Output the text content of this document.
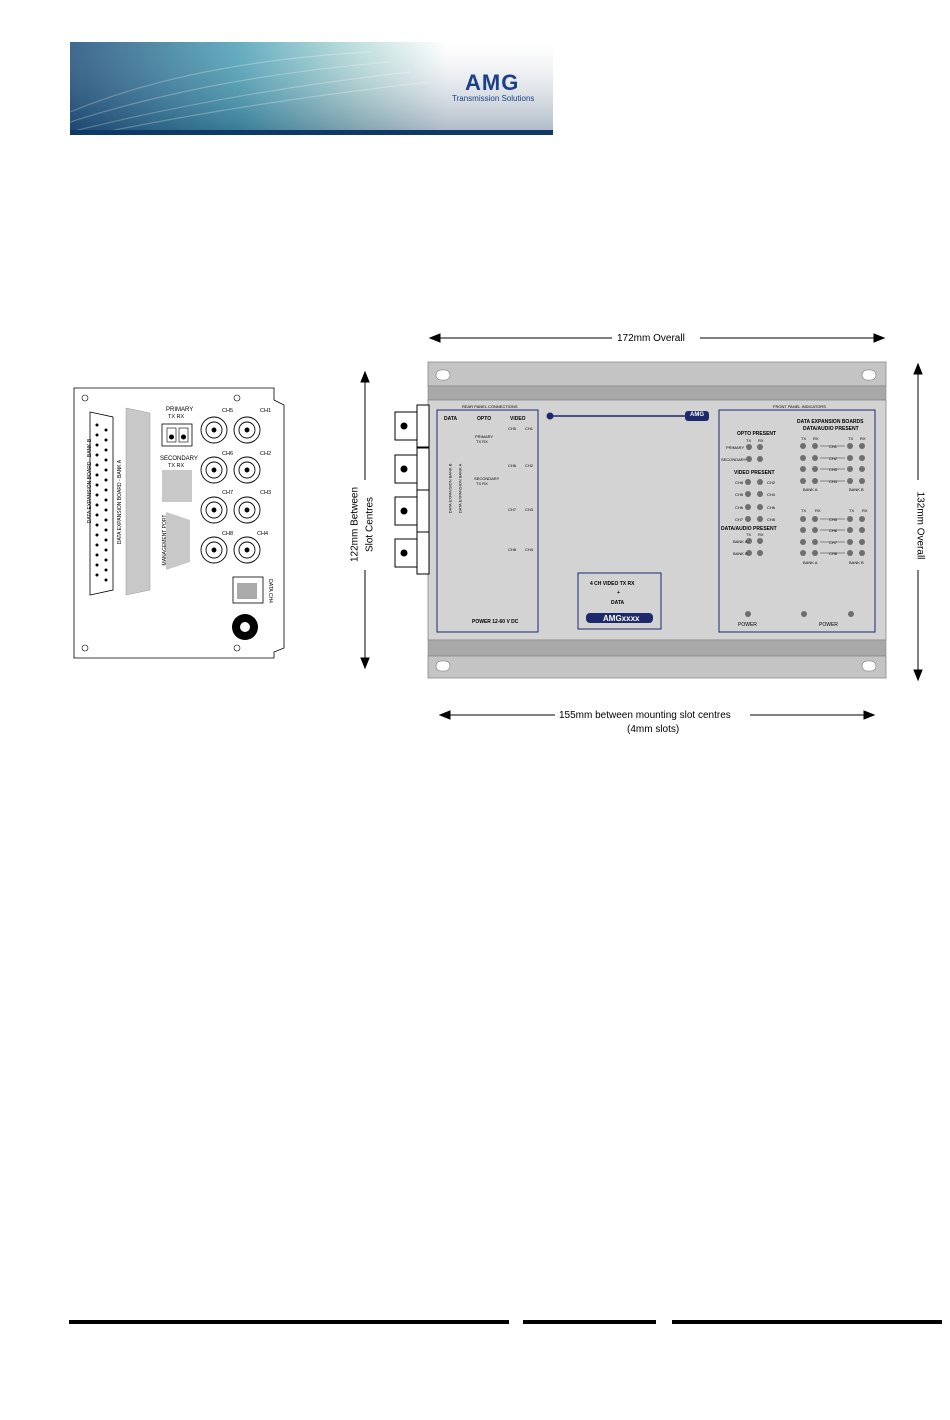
AMG
Transmission Solutions
DATA EXPANSION BOARD - BANK B	DATA EXPANSION BOARD - BANK A
PRIMARY
TX RX
SECONDARY
TX RX
MANAGEMENT PORT
DATA CH4
CH5	CH1
CH6	CH2
CH7	CH3
CH8	CH4
172mm Overall
132mm Overall
122mm Between Slot Centres
155mm between mounting slot centres
(4mm slots)
REAR PANEL CONNECTIONS
DATA	OPTO	VIDEO
DATA EXPANSION BANK B DATA EXPANSION BANK A
PRIMARY
TX RX
SECONDARY
TX RX
CH5 CH1
CH6 CH2
CH7 CH3
CH8 CH4
POWER 12-60 V DC
AMG
4 CH VIDEO TX RX
+
DATA
AMGxxxx
FRONT PANEL INDICATORS
OPTO PRESENT
TX RX
PRIMARY
SECONDARY
VIDEO PRESENT
CH8
CH5
CH6
CH7
CH2
CH4
CH6
CH8
DATA/AUDIO PRESENT
TX RX
BANK A
BANK B
DATA EXPANSION BOARDS
DATA/AUDIO PRESENT
TX RX	TX RX
CH1
CH2
CH3
CH4
BANK A	BANK B
TX RX	TX RX
CH5
CH6
CH7
CH8
BANK A	BANK B
POWER	POWER
